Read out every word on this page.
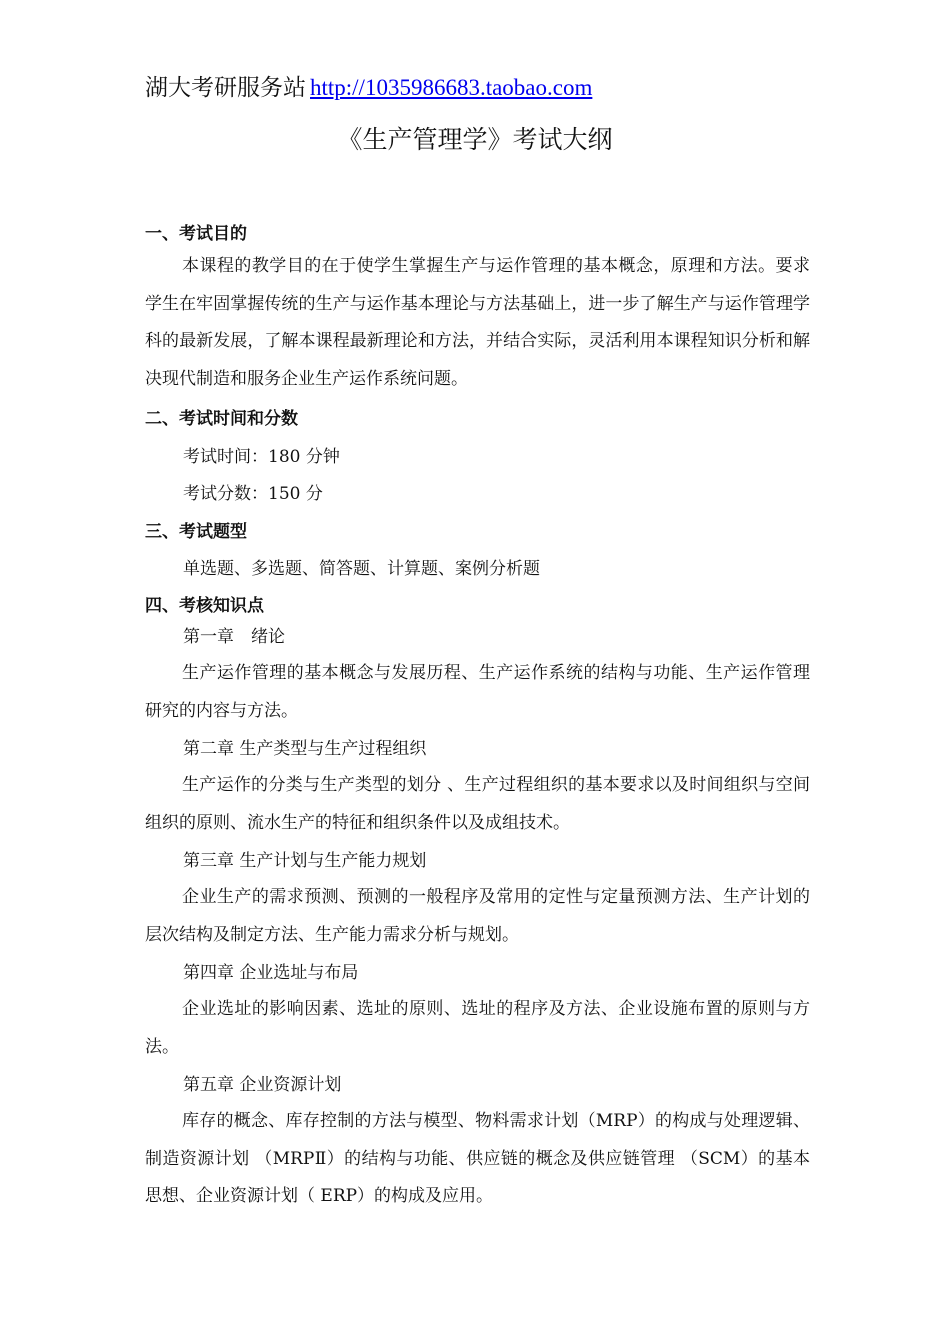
湖大考研服务站 http://1035986683.taobao.com
《生产管理学》考试大纲
一、考试目的
本课程的教学目的在于使学生掌握生产与运作管理的基本概念，原理和方法。要求学生在牢固掌握传统的生产与运作基本理论与方法基础上，进一步了解生产与运作管理学科的最新发展，了解本课程最新理论和方法，并结合实际，灵活利用本课程知识分析和解决现代制造和服务企业生产运作系统问题。
二、考试时间和分数
考试时间：180 分钟
考试分数：150 分
三、考试题型
单选题、多选题、简答题、计算题、案例分析题
四、考核知识点
第一章　绪论
生产运作管理的基本概念与发展历程、生产运作系统的结构与功能、生产运作管理研究的内容与方法。
第二章 生产类型与生产过程组织
生产运作的分类与生产类型的划分 、生产过程组织的基本要求以及时间组织与空间组织的原则、流水生产的特征和组织条件以及成组技术。
第三章 生产计划与生产能力规划
企业生产的需求预测、预测的一般程序及常用的定性与定量预测方法、生产计划的层次结构及制定方法、生产能力需求分析与规划。
第四章 企业选址与布局
企业选址的影响因素、选址的原则、选址的程序及方法、企业设施布置的原则与方法。
第五章 企业资源计划
库存的概念、库存控制的方法与模型、物料需求计划（MRP）的构成与处理逻辑、制造资源计划 （MRPⅡ）的结构与功能、供应链的概念及供应链管理 （SCM）的基本思想、企业资源计划（ ERP）的构成及应用。
